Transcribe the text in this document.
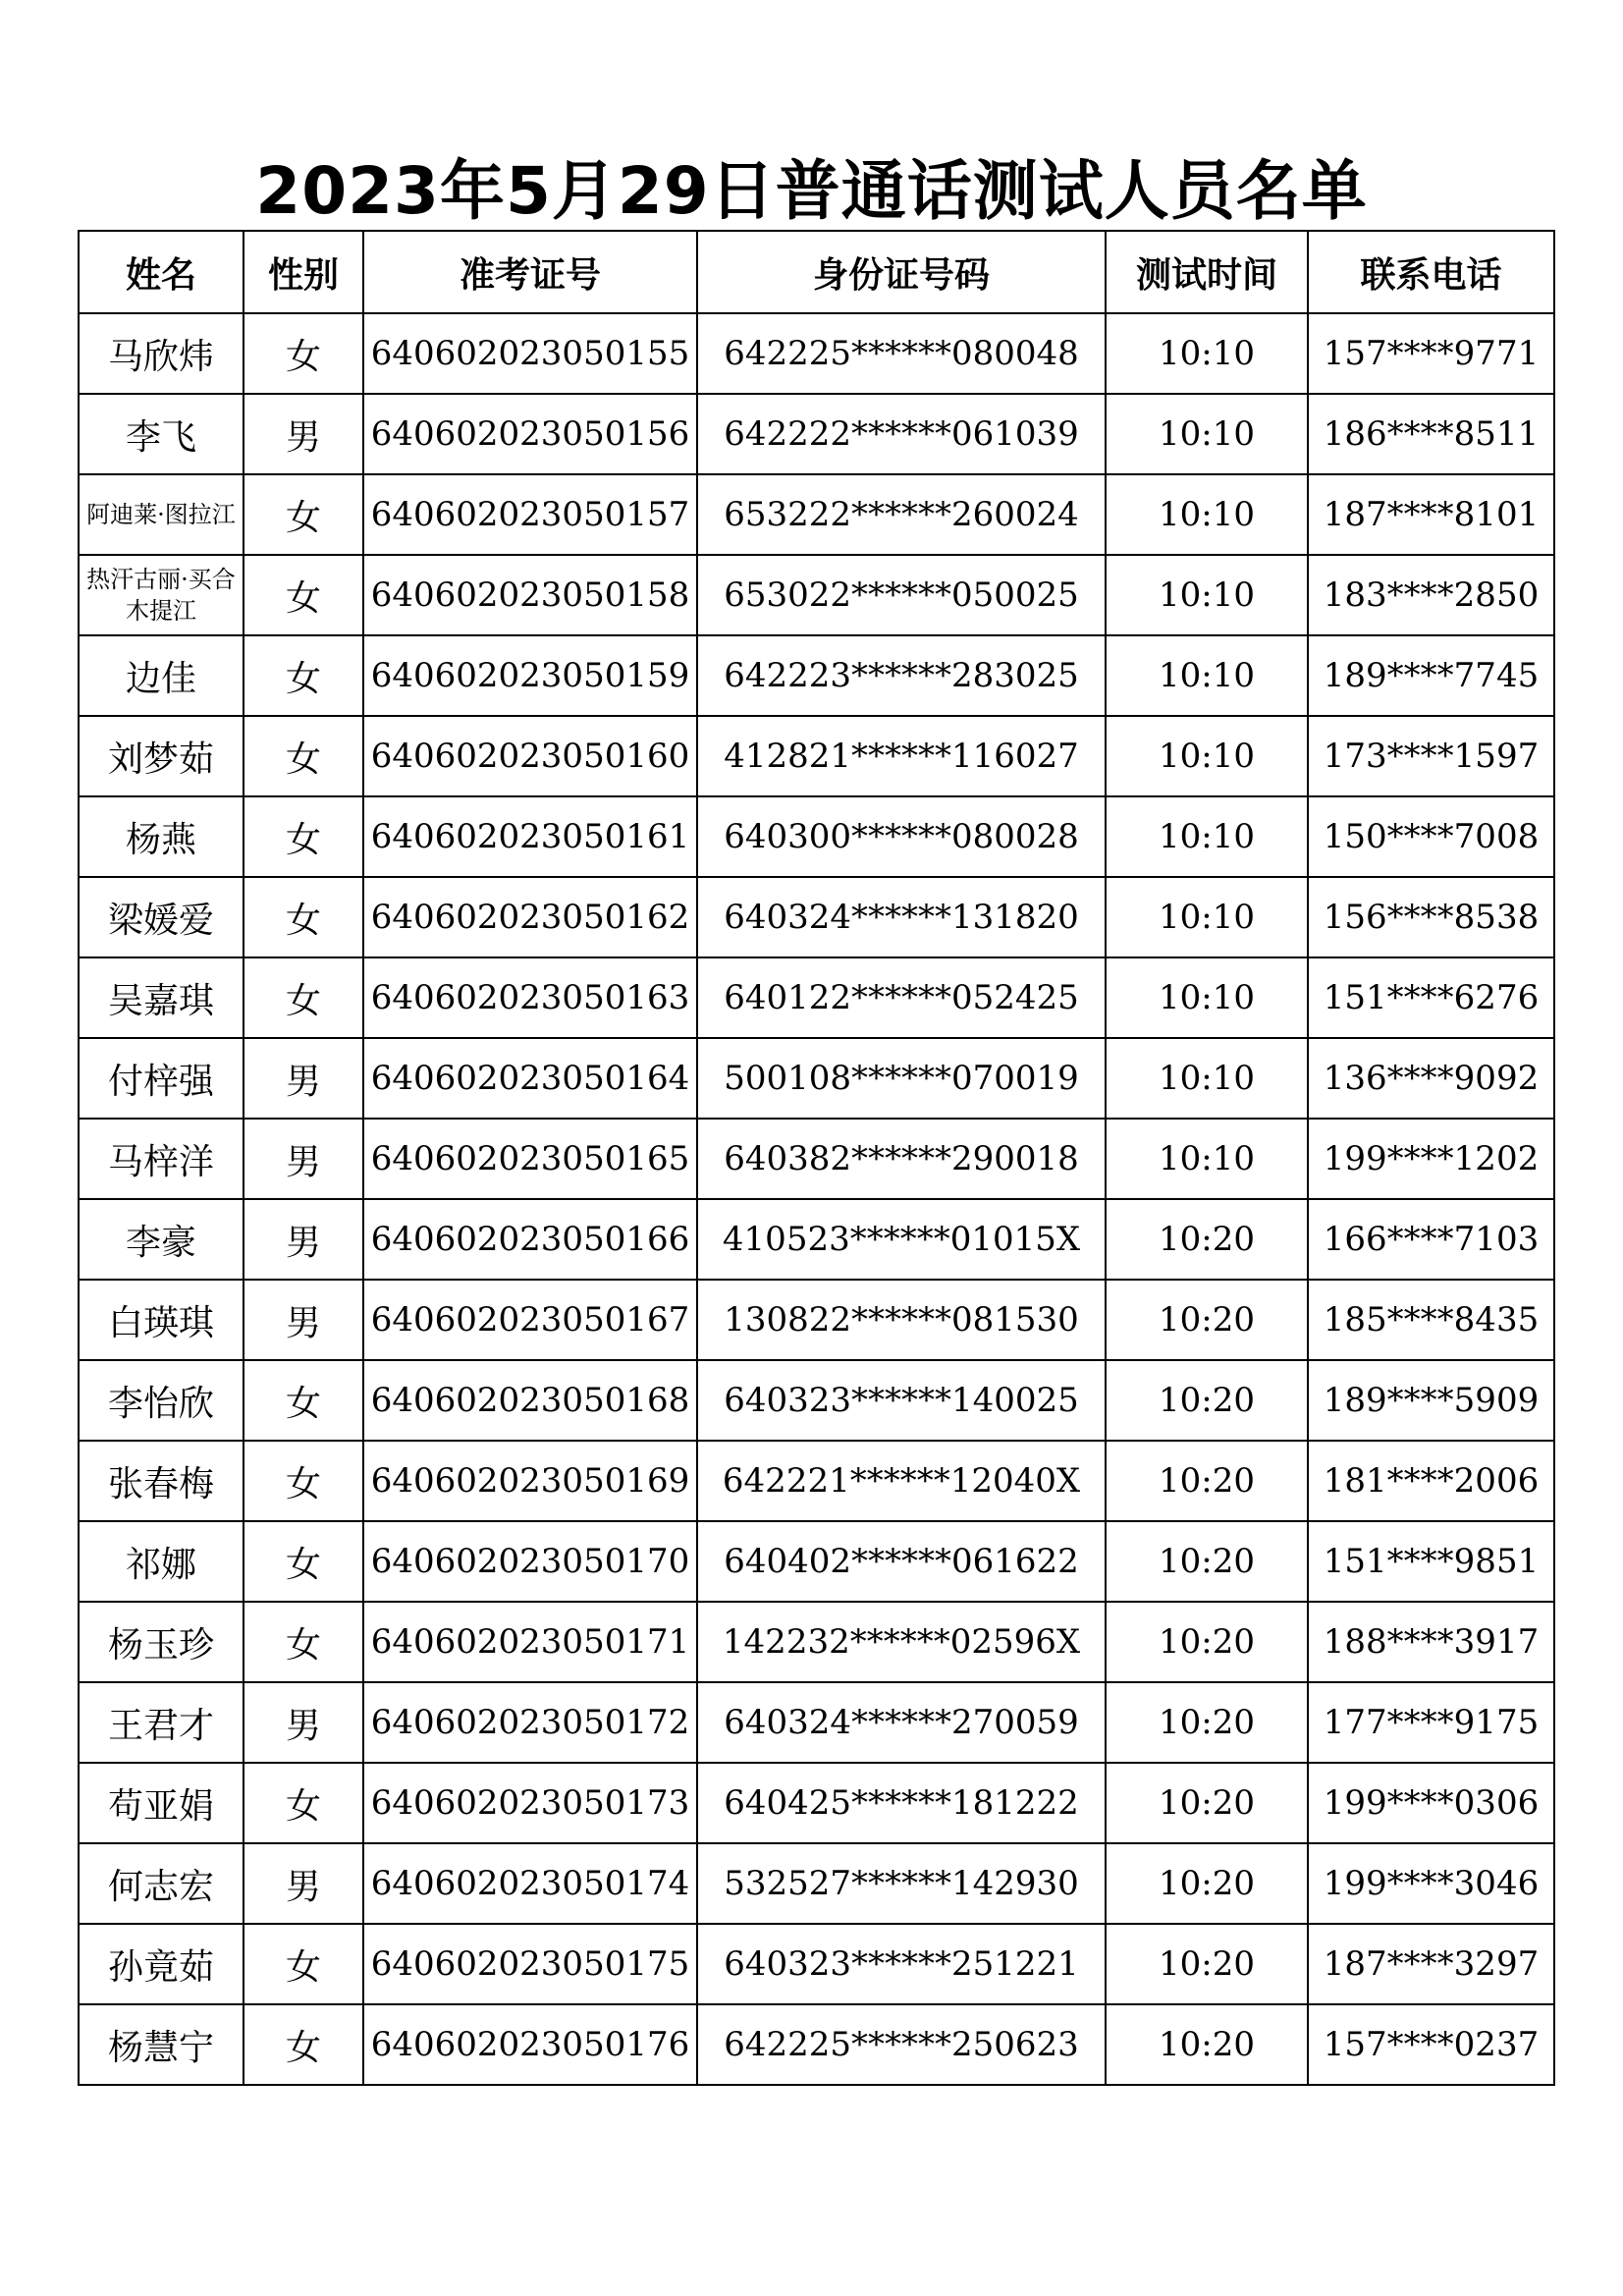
2023年5月29日普通话测试人员名单
姓名	性别	准考证号	身份证号码	测试时间	联系电话
马欣炜	女	640602023050155	642225******080048	10:10	157****9771
李飞	男	640602023050156	642222******061039	10:10	186****8511
阿迪莱·图拉江	女	640602023050157	653222******260024	10:10	187****8101
热汗古丽·买合木提江	女	640602023050158	653022******050025	10:10	183****2850
边佳	女	640602023050159	642223******283025	10:10	189****7745
刘梦茹	女	640602023050160	412821******116027	10:10	173****1597
杨燕	女	640602023050161	640300******080028	10:10	150****7008
梁媛爱	女	640602023050162	640324******131820	10:10	156****8538
吴嘉琪	女	640602023050163	640122******052425	10:10	151****6276
付梓强	男	640602023050164	500108******070019	10:10	136****9092
马梓洋	男	640602023050165	640382******290018	10:10	199****1202
李豪	男	640602023050166	410523******01015X	10:20	166****7103
白瑛琪	男	640602023050167	130822******081530	10:20	185****8435
李怡欣	女	640602023050168	640323******140025	10:20	189****5909
张春梅	女	640602023050169	642221******12040X	10:20	181****2006
祁娜	女	640602023050170	640402******061622	10:20	151****9851
杨玉珍	女	640602023050171	142232******02596X	10:20	188****3917
王君才	男	640602023050172	640324******270059	10:20	177****9175
苟亚娟	女	640602023050173	640425******181222	10:20	199****0306
何志宏	男	640602023050174	532527******142930	10:20	199****3046
孙竟茹	女	640602023050175	640323******251221	10:20	187****3297
杨慧宁	女	640602023050176	642225******250623	10:20	157****0237
